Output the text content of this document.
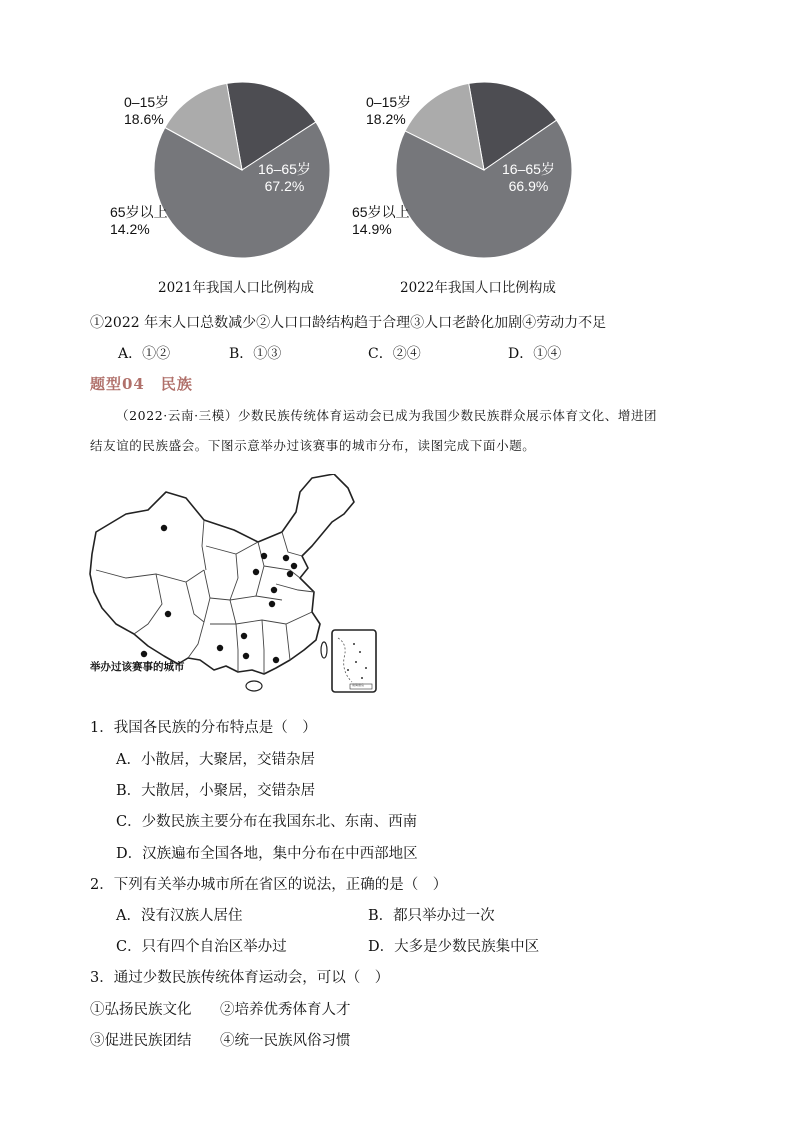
0–15岁
18.6%
16–65岁
67.2%
65岁以上
14.2%
2021年我国人口比例构成
0–15岁
18.2%
16–65岁
66.9%
65岁以上
14.9%
2022年我国人口比例构成
①2022 年末人口总数减少②人口口龄结构趋于合理③人口老龄化加剧④劳动力不足
A．①②	B．①③	C．②④	D．①④
题型04　民族
（2022·云南·三模）少数民族传统体育运动会已成为我国少数民族群众展示体育文化、增进团
结友谊的民族盛会。下图示意举办过该赛事的城市分布，读图完成下面小题。
举办过该赛事的城市
南海诸岛
1．我国各民族的分布特点是（　）
A．小散居，大聚居，交错杂居
B．大散居，小聚居，交错杂居
C．少数民族主要分布在我国东北、东南、西南
D．汉族遍布全国各地，集中分布在中西部地区
2．下列有关举办城市所在省区的说法，正确的是（　）
A．没有汉族人居住	B．都只举办过一次
C．只有四个自治区举办过	D．大多是少数民族集中区
3．通过少数民族传统体育运动会，可以（　）
①弘扬民族文化 ②培养优秀体育人才
③促进民族团结 ④统一民族风俗习惯
